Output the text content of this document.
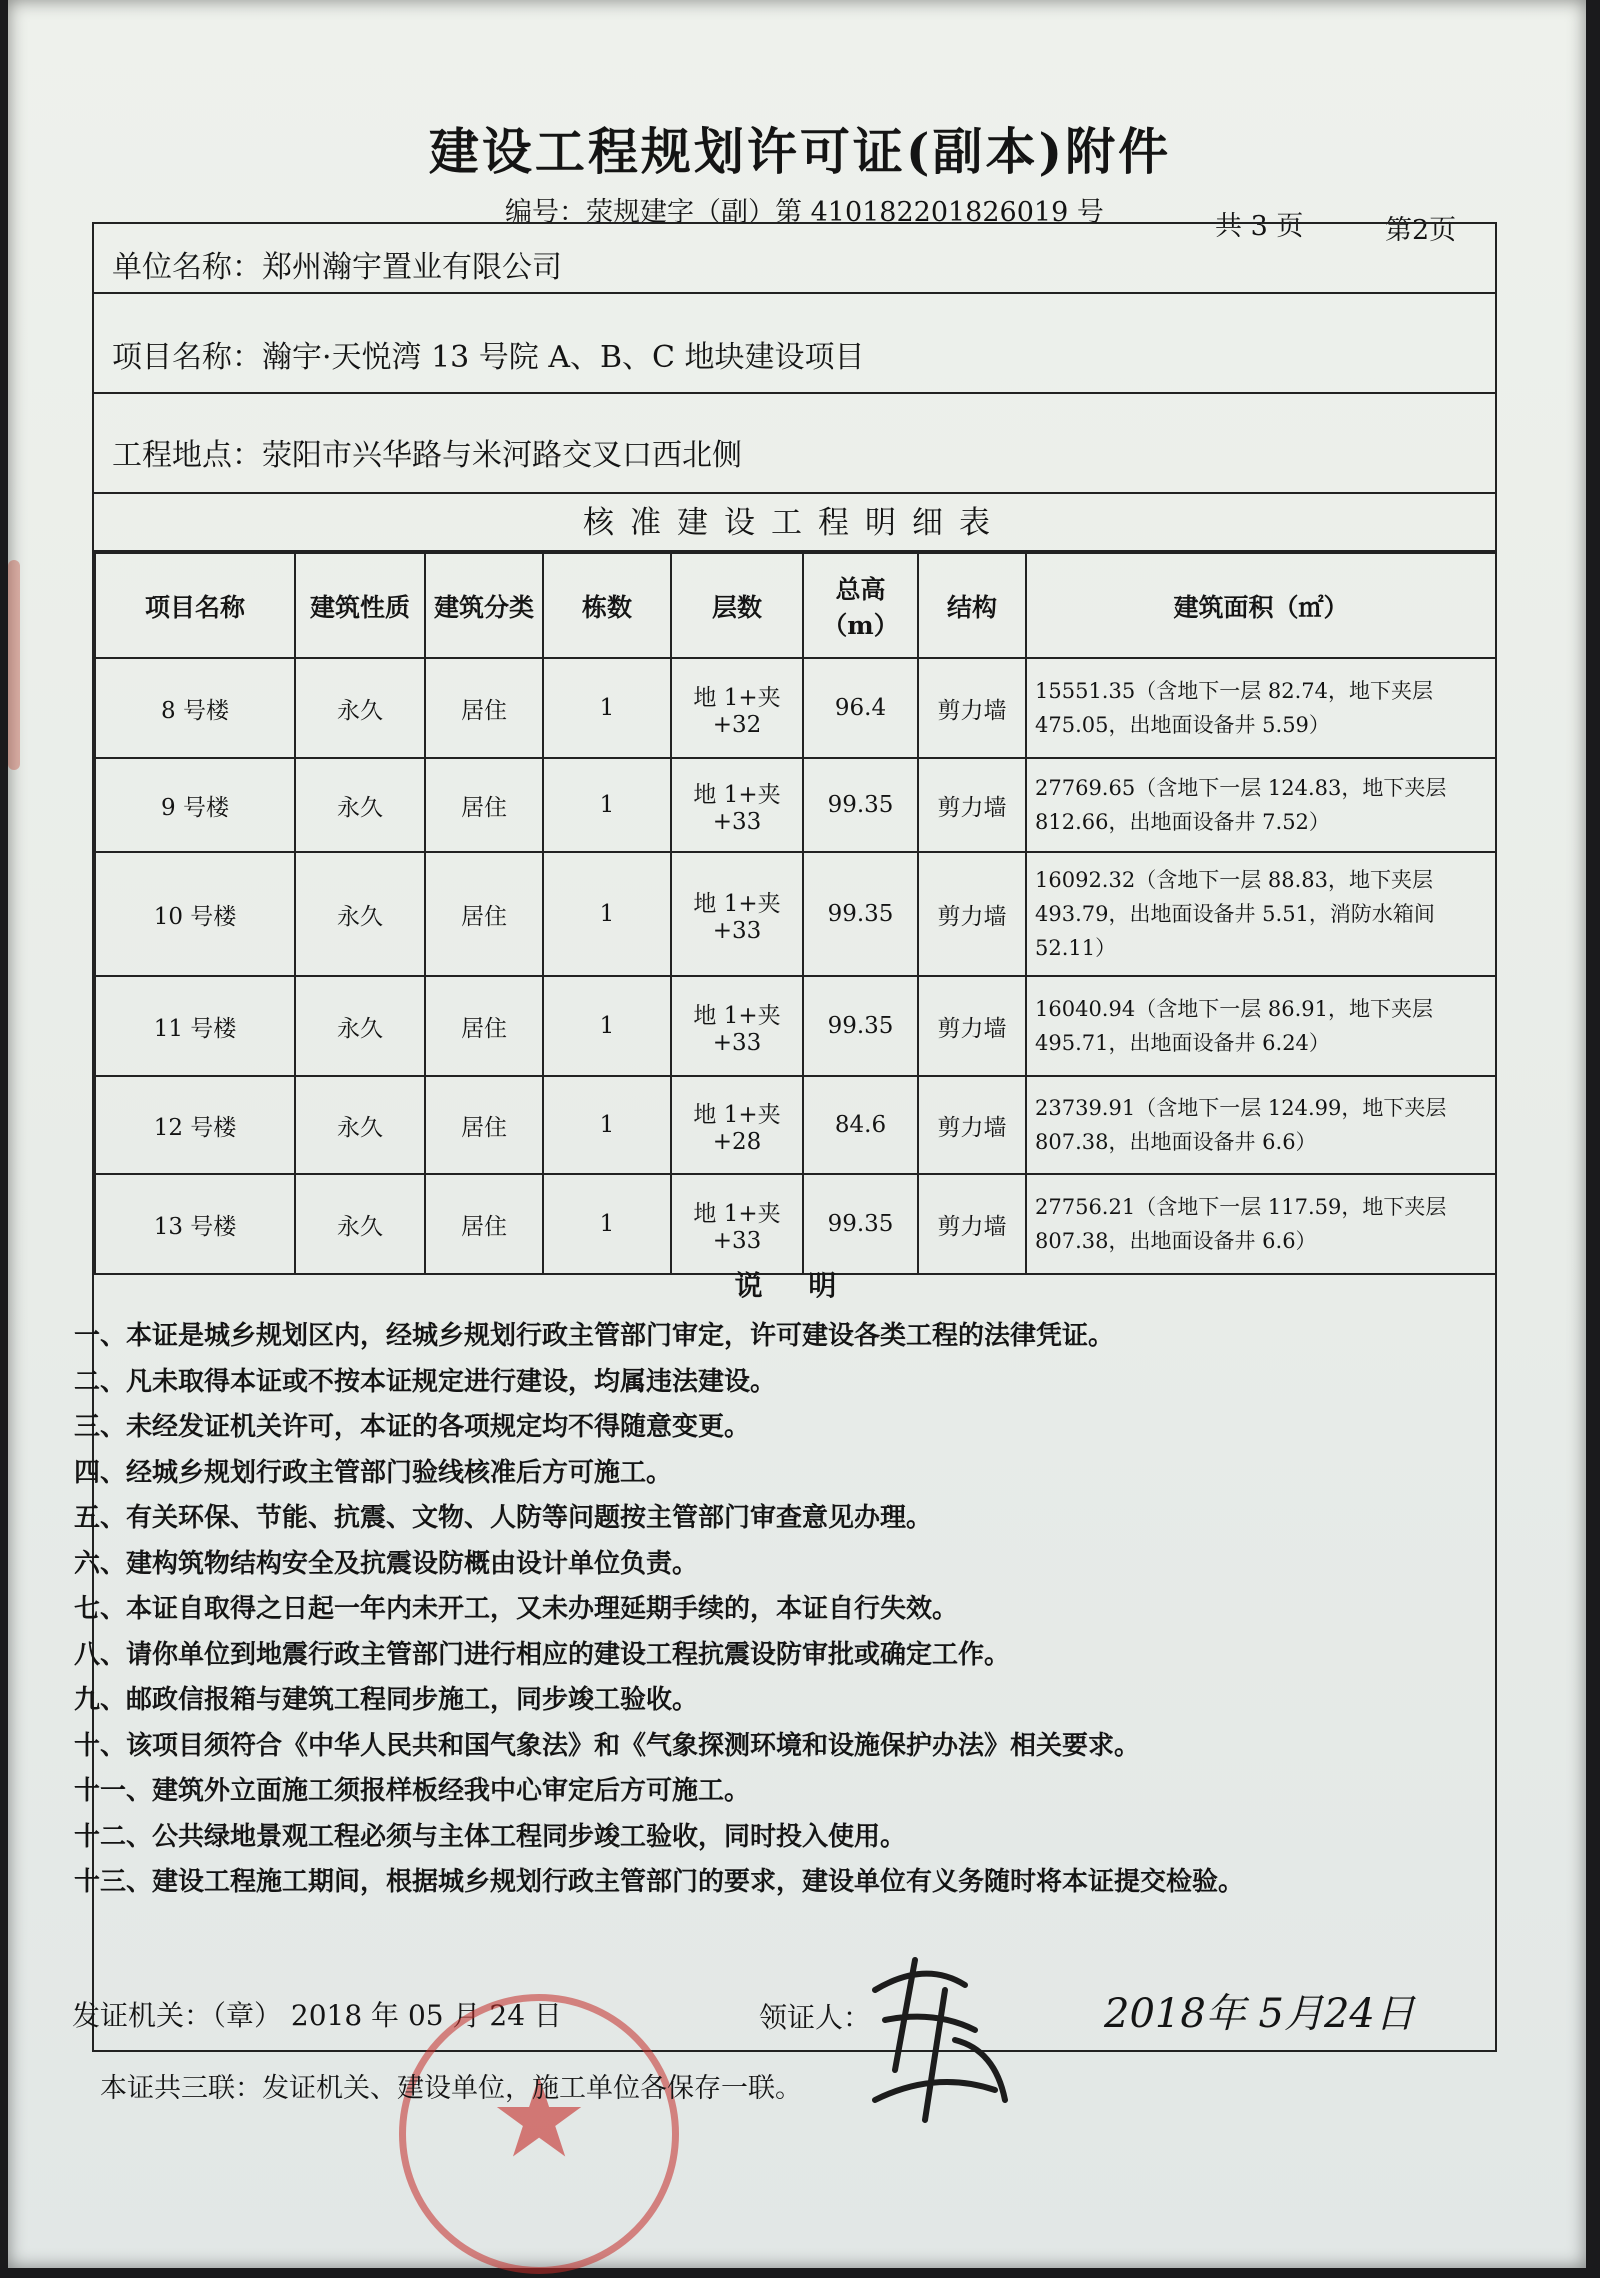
建设工程规划许可证(副本)附件
编号：荥规建字（副）第 410182201826019 号	共 3 页	第2页
单位名称：郑州瀚宇置业有限公司
项目名称：瀚宇·天悦湾 13 号院 A、B、C 地块建设项目
工程地点：荥阳市兴华路与米河路交叉口西北侧
核准建设工程明细表
项目名称	建筑性质	建筑分类	栋数	层数	总高（m）	结构	建筑面积（㎡）
8 号楼	永久	居住	1	地 1+夹+32	96.4	剪力墙	15551.35（含地下一层 82.74，地下夹层 475.05，出地面设备井 5.59）
9 号楼	永久	居住	1	地 1+夹+33	99.35	剪力墙	27769.65（含地下一层 124.83，地下夹层 812.66，出地面设备井 7.52）
10 号楼	永久	居住	1	地 1+夹+33	99.35	剪力墙	16092.32（含地下一层 88.83，地下夹层 493.79，出地面设备井 5.51，消防水箱间 52.11）
11 号楼	永久	居住	1	地 1+夹+33	99.35	剪力墙	16040.94（含地下一层 86.91，地下夹层 495.71，出地面设备井 6.24）
12 号楼	永久	居住	1	地 1+夹+28	84.6	剪力墙	23739.91（含地下一层 124.99，地下夹层 807.38，出地面设备井 6.6）
13 号楼	永久	居住	1	地 1+夹+33	99.35	剪力墙	27756.21（含地下一层 117.59，地下夹层 807.38，出地面设备井 6.6）
说 明
一、本证是城乡规划区内，经城乡规划行政主管部门审定，许可建设各类工程的法律凭证。
二、凡未取得本证或不按本证规定进行建设，均属违法建设。
三、未经发证机关许可，本证的各项规定均不得随意变更。
四、经城乡规划行政主管部门验线核准后方可施工。
五、有关环保、节能、抗震、文物、人防等问题按主管部门审查意见办理。
六、建构筑物结构安全及抗震设防概由设计单位负责。
七、本证自取得之日起一年内未开工，又未办理延期手续的，本证自行失效。
八、请你单位到地震行政主管部门进行相应的建设工程抗震设防审批或确定工作。
九、邮政信报箱与建筑工程同步施工，同步竣工验收。
十、该项目须符合《中华人民共和国气象法》和《气象探测环境和设施保护办法》相关要求。
十一、建筑外立面施工须报样板经我中心审定后方可施工。
十二、公共绿地景观工程必须与主体工程同步竣工验收，同时投入使用。
十三、建设工程施工期间，根据城乡规划行政主管部门的要求，建设单位有义务随时将本证提交检验。
发证机关：（章） 2018 年 05 月 24 日	领证人：	2018年 5月24日
★
本证共三联：发证机关、建设单位，施工单位各保存一联。
